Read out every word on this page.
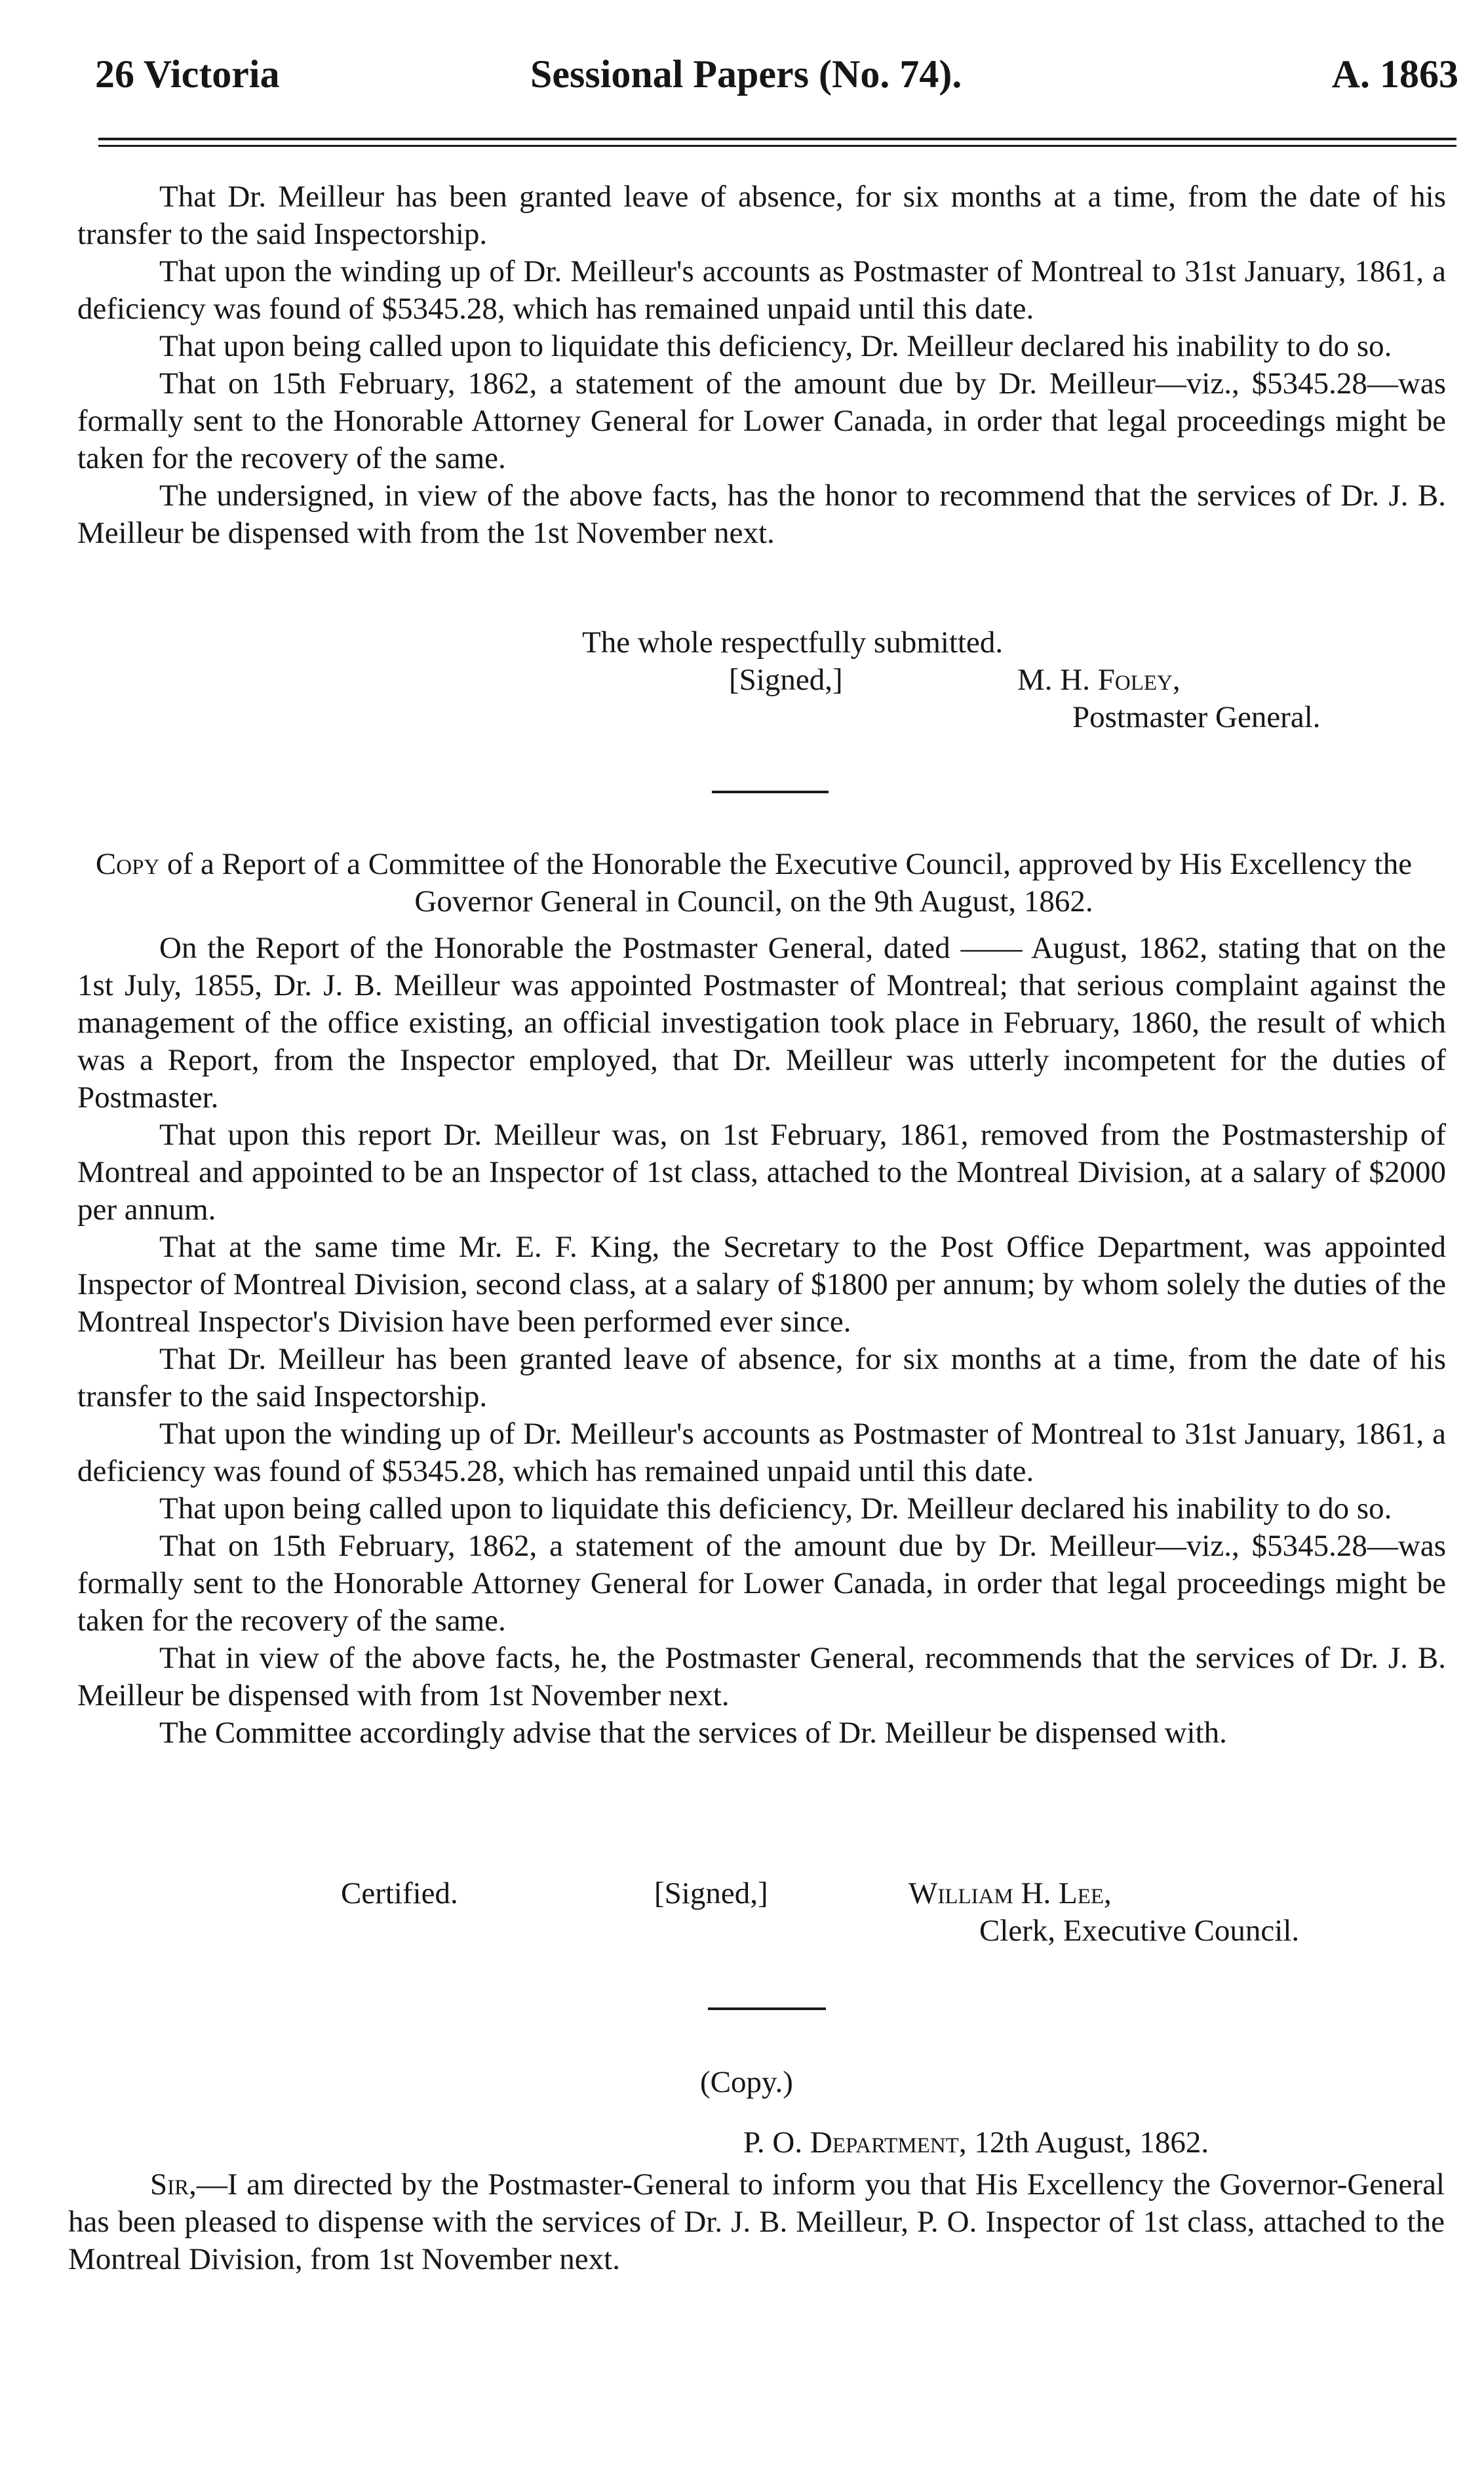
26 Victoria	Sessional Papers (No. 74).	A. 1863

That Dr. Meilleur has been granted leave of absence, for six months at a time, from the date of his transfer to the said Inspectorship.

That upon the winding up of Dr. Meilleur's accounts as Postmaster of Montreal to 31st January, 1861, a deficiency was found of $5345.28, which has remained unpaid until this date.

That upon being called upon to liquidate this deficiency, Dr. Meilleur declared his inability to do so.

That on 15th February, 1862, a statement of the amount due by Dr. Meilleur—viz., $5345.28—was formally sent to the Honorable Attorney General for Lower Canada, in order that legal proceedings might be taken for the recovery of the same.

The undersigned, in view of the above facts, has the honor to recommend that the services of Dr. J. B. Meilleur be dispensed with from the 1st November next.

The whole respectfully submitted.
[Signed,]	M. H. Foley,
Postmaster General.
Copy of a Report of a Committee of the Honorable the Executive Council, approved by His Excellency the Governor General in Council, on the 9th August, 1862.

On the Report of the Honorable the Postmaster General, dated —— August, 1862, stating that on the 1st July, 1855, Dr. J. B. Meilleur was appointed Postmaster of Montreal; that serious complaint against the management of the office existing, an official investigation took place in February, 1860, the result of which was a Report, from the Inspector employed, that Dr. Meilleur was utterly incompetent for the duties of Postmaster.

That upon this report Dr. Meilleur was, on 1st February, 1861, removed from the Postmastership of Montreal and appointed to be an Inspector of 1st class, attached to the Montreal Division, at a salary of $2000 per annum.

That at the same time Mr. E. F. King, the Secretary to the Post Office Department, was appointed Inspector of Montreal Division, second class, at a salary of $1800 per annum; by whom solely the duties of the Montreal Inspector's Division have been performed ever since.

That Dr. Meilleur has been granted leave of absence, for six months at a time, from the date of his transfer to the said Inspectorship.

That upon the winding up of Dr. Meilleur's accounts as Postmaster of Montreal to 31st January, 1861, a deficiency was found of $5345.28, which has remained unpaid until this date.

That upon being called upon to liquidate this deficiency, Dr. Meilleur declared his inability to do so.

That on 15th February, 1862, a statement of the amount due by Dr. Meilleur—viz., $5345.28—was formally sent to the Honorable Attorney General for Lower Canada, in order that legal proceedings might be taken for the recovery of the same.

That in view of the above facts, he, the Postmaster General, recommends that the services of Dr. J. B. Meilleur be dispensed with from 1st November next.

The Committee accordingly advise that the services of Dr. Meilleur be dispensed with.

Certified.	[Signed,]	William H. Lee,
Clerk, Executive Council.
(Copy.)
P. O. Department, 12th August, 1862.

Sir,—I am directed by the Postmaster-General to inform you that His Excellency the Governor-General has been pleased to dispense with the services of Dr. J. B. Meilleur, P. O. Inspector of 1st class, attached to the Montreal Division, from 1st November next.
